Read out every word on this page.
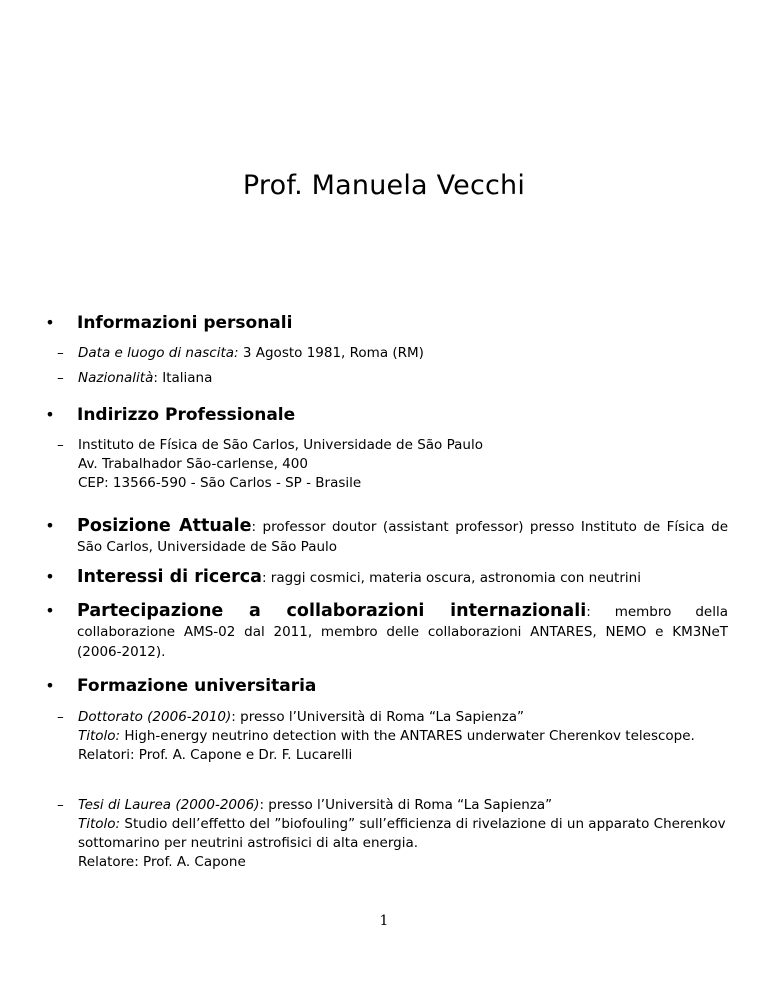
Prof. Manuela Vecchi
•	Informazioni personali
– Data e luogo di nascita: 3 Agosto 1981, Roma (RM)
– Nazionalità: Italiana
•	Indirizzo Professionale
– Instituto de Física de São Carlos, Universidade de São Paulo
Av. Trabalhador São-carlense, 400
CEP: 13566-590 - São Carlos - SP - Brasile
•	Posizione Attuale: professor doutor (assistant professor) presso Instituto de Física de São Carlos, Universidade de São Paulo
•	Interessi di ricerca: raggi cosmici, materia oscura, astronomia con neutrini
•	Partecipazione a collaborazioni internazionali: membro della collaborazione AMS-02 dal 2011, membro delle collaborazioni ANTARES, NEMO e KM3NeT (2006-2012).
•	Formazione universitaria
– Dottorato (2006-2010): presso l’Università di Roma “La Sapienza”
Titolo: High-energy neutrino detection with the ANTARES underwater Cherenkov telescope.
Relatori: Prof. A. Capone e Dr. F. Lucarelli
– Tesi di Laurea (2000-2006): presso l’Università di Roma “La Sapienza”
Titolo: Studio dell’effetto del ”biofouling” sull’efficienza di rivelazione di un apparato Cherenkov sottomarino per neutrini astrofisici di alta energia.
Relatore: Prof. A. Capone
1
